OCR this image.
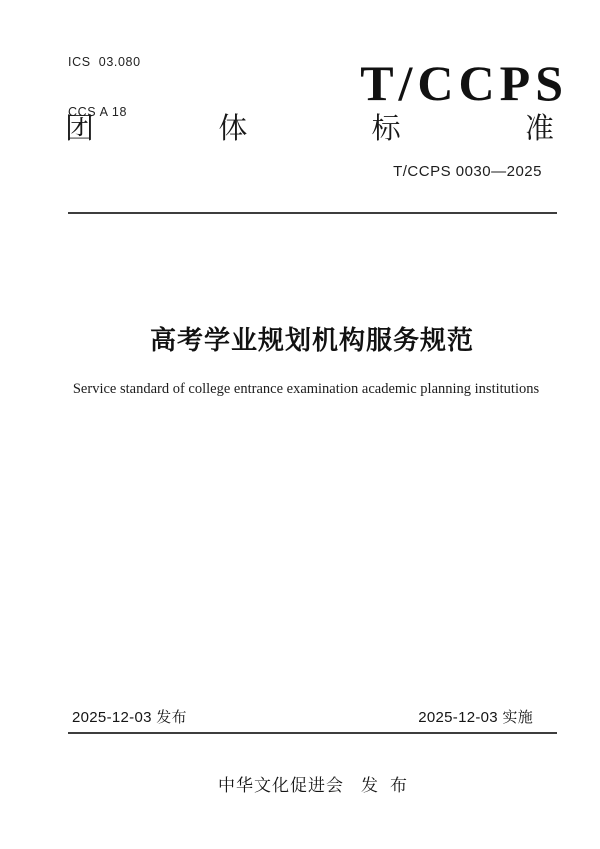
ICS  03.080

CCS A 18

T/CCPS
团	体	标	准
T/CCPS 0030—2025
高考学业规划机构服务规范
Service standard of college entrance examination academic planning institutions
2025-12-03 发布	2025-12-03 实施
中华文化促进会 发 布
